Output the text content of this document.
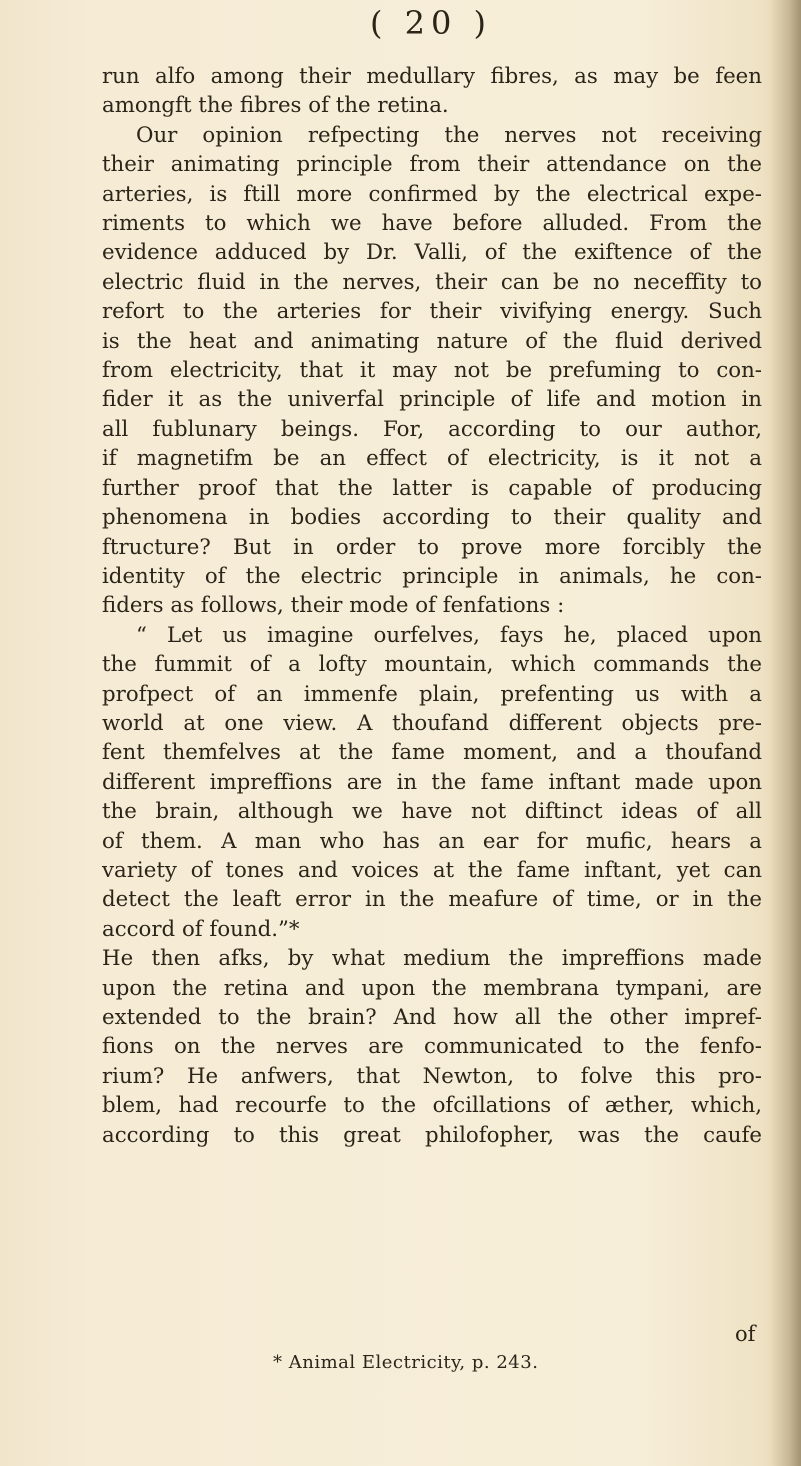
( 20 )
run alfo among their medullary fibres, as may be feen
amongft the fibres of the retina.
Our opinion refpecting the nerves not receiving
their animating principle from their attendance on the
arteries, is ftill more confirmed by the electrical expe-
riments to which we have before alluded. From the
evidence adduced by Dr. Valli, of the exiftence of the
electric fluid in the nerves, their can be no neceffity to
refort to the arteries for their vivifying energy. Such
is the heat and animating nature of the fluid derived
from electricity, that it may not be prefuming to con-
fider it as the univerfal principle of life and motion in
all fublunary beings. For, according to our author,
if magnetifm be an effect of electricity, is it not a
further proof that the latter is capable of producing
phenomena in bodies according to their quality and
ftructure? But in order to prove more forcibly the
identity of the electric principle in animals, he con-
fiders as follows, their mode of fenfations :
“ Let us imagine ourfelves, fays he, placed upon
the fummit of a lofty mountain, which commands the
profpect of an immenfe plain, prefenting us with a
world at one view. A thoufand different objects pre-
fent themfelves at the fame moment, and a thoufand
different impreffions are in the fame inftant made upon
the brain, although we have not diftinct ideas of all
of them. A man who has an ear for mufic, hears a
variety of tones and voices at the fame inftant, yet can
detect the leaft error in the meafure of time, or in the
accord of found.”*
He then afks, by what medium the impreffions made
upon the retina and upon the membrana tympani, are
extended to the brain? And how all the other impref-
fions on the nerves are communicated to the fenfo-
rium? He anfwers, that Newton, to folve this pro-
blem, had recourfe to the ofcillations of æther, which,
according to this great philofopher, was the caufe
of
* Animal Electricity, p. 243.
